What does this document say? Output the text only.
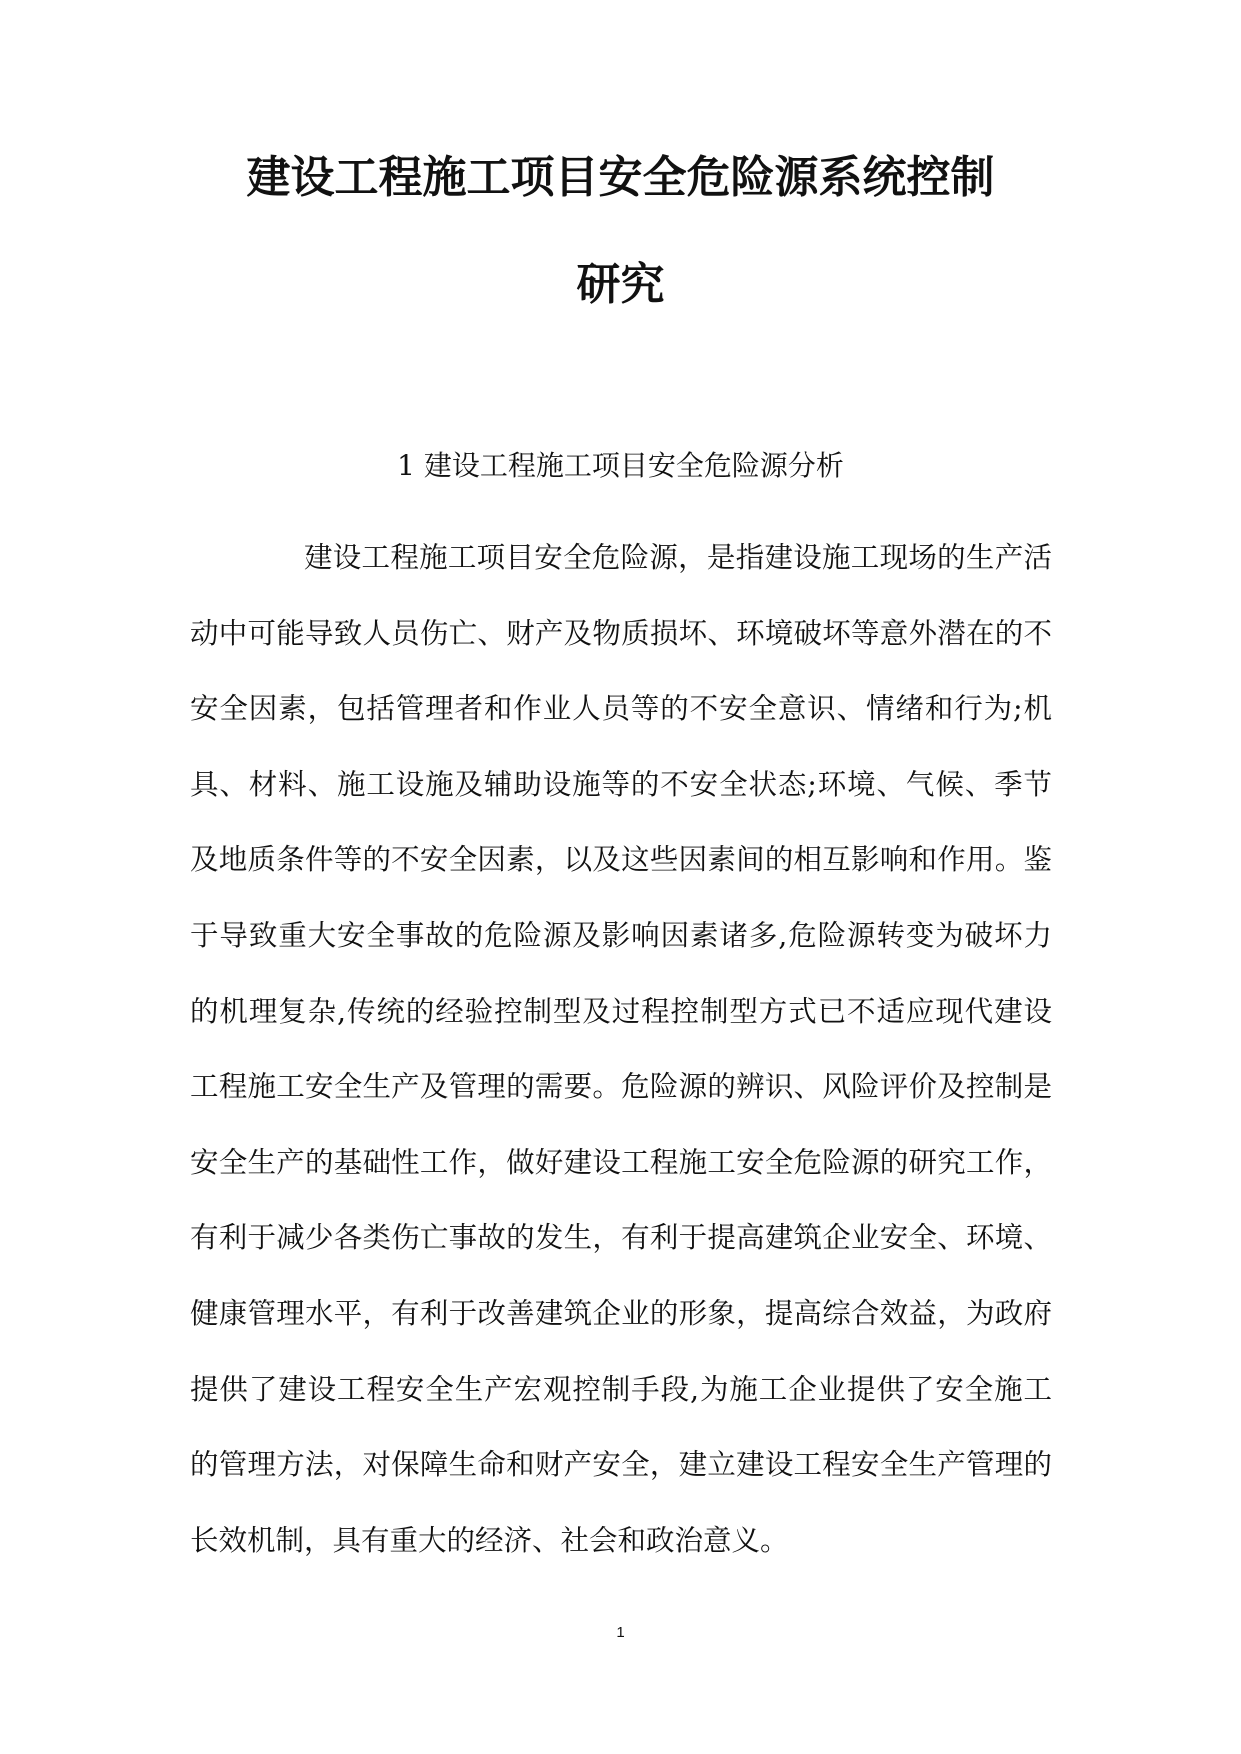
建设工程施工项目安全危险源系统控制
研究
1 建设工程施工项目安全危险源分析

建设工程施工项目安全危险源，是指建设施工现场的生产活动中可能导致人员伤亡、财产及物质损坏、环境破坏等意外潜在的不安全因素，包括管理者和作业人员等的不安全意识、情绪和行为;机具、材料、施工设施及辅助设施等的不安全状态;环境、气候、季节及地质条件等的不安全因素，以及这些因素间的相互影响和作用。鉴于导致重大安全事故的危险源及影响因素诸多,危险源转变为破坏力的机理复杂,传统的经验控制型及过程控制型方式已不适应现代建设工程施工安全生产及管理的需要。危险源的辨识、风险评价及控制是安全生产的基础性工作，做好建设工程施工安全危险源的研究工作，有利于减少各类伤亡事故的发生，有利于提高建筑企业安全、环境、健康管理水平，有利于改善建筑企业的形象，提高综合效益，为政府提供了建设工程安全生产宏观控制手段,为施工企业提供了安全施工的管理方法，对保障生命和财产安全，建立建设工程安全生产管理的长效机制，具有重大的经济、社会和政治意义。

1
